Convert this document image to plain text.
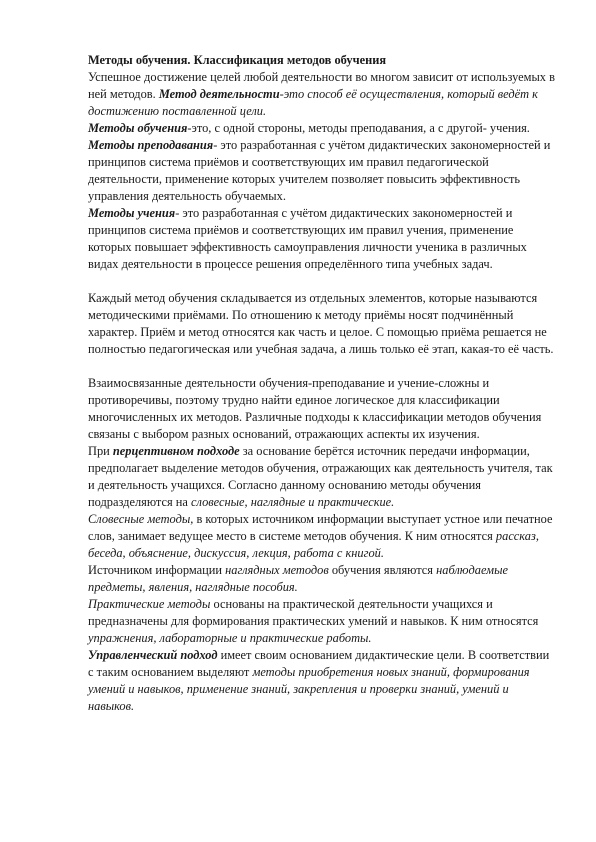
Методы обучения. Классификация методов обучения

Успешное достижение целей любой деятельности во многом зависит от используемых в ней методов. Метод деятельности-это способ её осуществления, который ведёт к достижению поставленной цели.

Методы обучения-это, с одной стороны, методы преподавания, а с другой- учения. Методы преподавания- это разработанная с учётом дидактических закономерностей и принципов система приёмов и соответствующих им правил педагогической деятельности, применение которых учителем позволяет повысить эффективность управления деятельность обучаемых.

Методы учения- это разработанная с учётом дидактических закономерностей и принципов система приёмов и соответствующих им правил учения, применение которых повышает эффективность самоуправления личности ученика в различных видах деятельности в процессе решения определённого типа учебных задач.

Каждый метод обучения складывается из отдельных элементов, которые называются методическими приёмами. По отношению к методу приёмы носят подчинённый характер. Приём и метод относятся как часть и целое. С помощью приёма решается не полностью педагогическая или учебная задача, а лишь только её этап, какая-то её часть.

Взаимосвязанные деятельности обучения-преподавание и учение-сложны и противоречивы, поэтому трудно найти единое логическое для классификации многочисленных их методов. Различные подходы к классификации методов обучения связаны с выбором разных оснований, отражающих аспекты их изучения.

При перцептивном подходе за основание берётся источник передачи информации, предполагает выделение методов обучения, отражающих как деятельность учителя, так и деятельность учащихся. Согласно данному основанию методы обучения подразделяются на словесные, наглядные и практические.

Словесные методы, в которых источником информации выступает устное или печатное слов, занимает ведущее место в системе методов обучения. К ним относятся рассказ, беседа, объяснение, дискуссия, лекция, работа с книгой.

Источником информации наглядных методов обучения являются наблюдаемые предметы, явления, наглядные пособия.

Практические методы основаны на практической деятельности учащихся и предназначены для формирования практических умений и навыков. К ним относятся упражнения, лабораторные и практические работы.

Управленческий подход имеет своим основанием дидактические цели. В соответствии с таким основанием выделяют методы приобретения новых знаний, формирования умений и навыков, применение знаний, закрепления и проверки знаний, умений и навыков.
